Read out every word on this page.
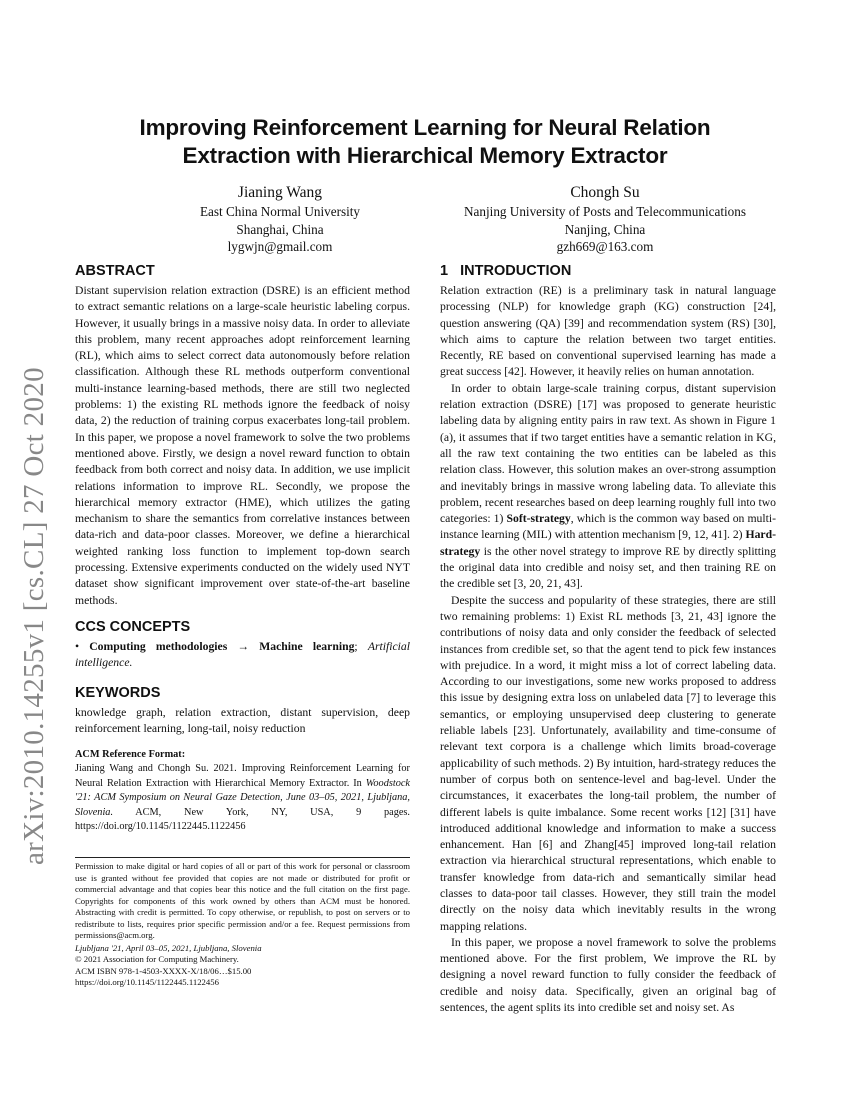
arXiv:2010.14255v1 [cs.CL] 27 Oct 2020
Improving Reinforcement Learning for Neural Relation
Extraction with Hierarchical Memory Extractor
Jianing Wang
East China Normal University
Shanghai, China
lygwjn@gmail.com
Chongh Su
Nanjing University of Posts and Telecommunications
Nanjing, China
gzh669@163.com
ABSTRACT

Distant supervision relation extraction (DSRE) is an efficient method to extract semantic relations on a large-scale heuristic labeling corpus. However, it usually brings in a massive noisy data. In order to alleviate this problem, many recent approaches adopt reinforcement learning (RL), which aims to select correct data autonomously before relation classification. Although these RL methods outperform conventional multi-instance learning-based methods, there are still two neglected problems: 1) the existing RL methods ignore the feedback of noisy data, 2) the reduction of training corpus exacerbates long-tail problem. In this paper, we propose a novel framework to solve the two problems mentioned above. Firstly, we design a novel reward function to obtain feedback from both correct and noisy data. In addition, we use implicit relations information to improve RL. Secondly, we propose the hierarchical memory extractor (HME), which utilizes the gating mechanism to share the semantics from correlative instances between data-rich and data-poor classes. Moreover, we define a hierarchical weighted ranking loss function to implement top-down search processing. Extensive experiments conducted on the widely used NYT dataset show significant improvement over state-of-the-art baseline methods.

CCS CONCEPTS

• Computing methodologies → Machine learning; Artificial intelligence.

KEYWORDS

knowledge graph, relation extraction, distant supervision, deep reinforcement learning, long-tail, noisy reduction

ACM Reference Format:
Jianing Wang and Chongh Su. 2021. Improving Reinforcement Learning for Neural Relation Extraction with Hierarchical Memory Extractor. In Woodstock '21: ACM Symposium on Neural Gaze Detection, June 03–05, 2021, Ljubljana, Slovenia. ACM, New York, NY, USA, 9 pages. https://doi.org/10.1145/1122445.1122456

Permission to make digital or hard copies of all or part of this work for personal or classroom use is granted without fee provided that copies are not made or distributed for profit or commercial advantage and that copies bear this notice and the full citation on the first page. Copyrights for components of this work owned by others than ACM must be honored. Abstracting with credit is permitted. To copy otherwise, or republish, to post on servers or to redistribute to lists, requires prior specific permission and/or a fee. Request permissions from permissions@acm.org.

Ljubljana '21, April 03–05, 2021, Ljubljana, Slovenia

© 2021 Association for Computing Machinery.

ACM ISBN 978-1-4503-XXXX-X/18/06…$15.00

https://doi.org/10.1145/1122445.1122456

1   INTRODUCTION

Relation extraction (RE) is a preliminary task in natural language processing (NLP) for knowledge graph (KG) construction [24], question answering (QA) [39] and recommendation system (RS) [30], which aims to capture the relation between two target entities. Recently, RE based on conventional supervised learning has made a great success [42]. However, it heavily relies on human annotation.

In order to obtain large-scale training corpus, distant supervision relation extraction (DSRE) [17] was proposed to generate heuristic labeling data by aligning entity pairs in raw text. As shown in Figure 1 (a), it assumes that if two target entities have a semantic relation in KG, all the raw text containing the two entities can be labeled as this relation class. However, this solution makes an over-strong assumption and inevitably brings in massive wrong labeling data. To alleviate this problem, recent researches based on deep learning roughly full into two categories: 1) Soft-strategy, which is the common way based on multi-instance learning (MIL) with attention mechanism [9, 12, 41]. 2) Hard-strategy is the other novel strategy to improve RE by directly splitting the original data into credible and noisy set, and then training RE on the credible set [3, 20, 21, 43].

Despite the success and popularity of these strategies, there are still two remaining problems: 1) Exist RL methods [3, 21, 43] ignore the contributions of noisy data and only consider the feedback of selected instances from credible set, so that the agent tend to pick few instances with prejudice. In a word, it might miss a lot of correct labeling data. According to our investigations, some new works proposed to address this issue by designing extra loss on unlabeled data [7] to leverage this semantics, or employing unsupervised deep clustering to generate reliable labels [23]. Unfortunately, availability and time-consume of relevant text corpora is a challenge which limits broad-coverage applicability of such methods. 2) By intuition, hard-strategy reduces the number of corpus both on sentence-level and bag-level. Under the circumstances, it exacerbates the long-tail problem, the number of different labels is quite imbalance. Some recent works [12] [31] have introduced additional knowledge and information to make a success enhancement. Han [6] and Zhang[45] improved long-tail relation extraction via hierarchical structural representations, which enable to transfer knowledge from data-rich and semantically similar head classes to data-poor tail classes. However, they still train the model directly on the noisy data which inevitably results in the wrong mapping relations.

In this paper, we propose a novel framework to solve the problems mentioned above. For the first problem, We improve the RL by designing a novel reward function to fully consider the feedback of credible and noisy data. Specifically, given an original bag of sentences, the agent splits its into credible set and noisy set. As
